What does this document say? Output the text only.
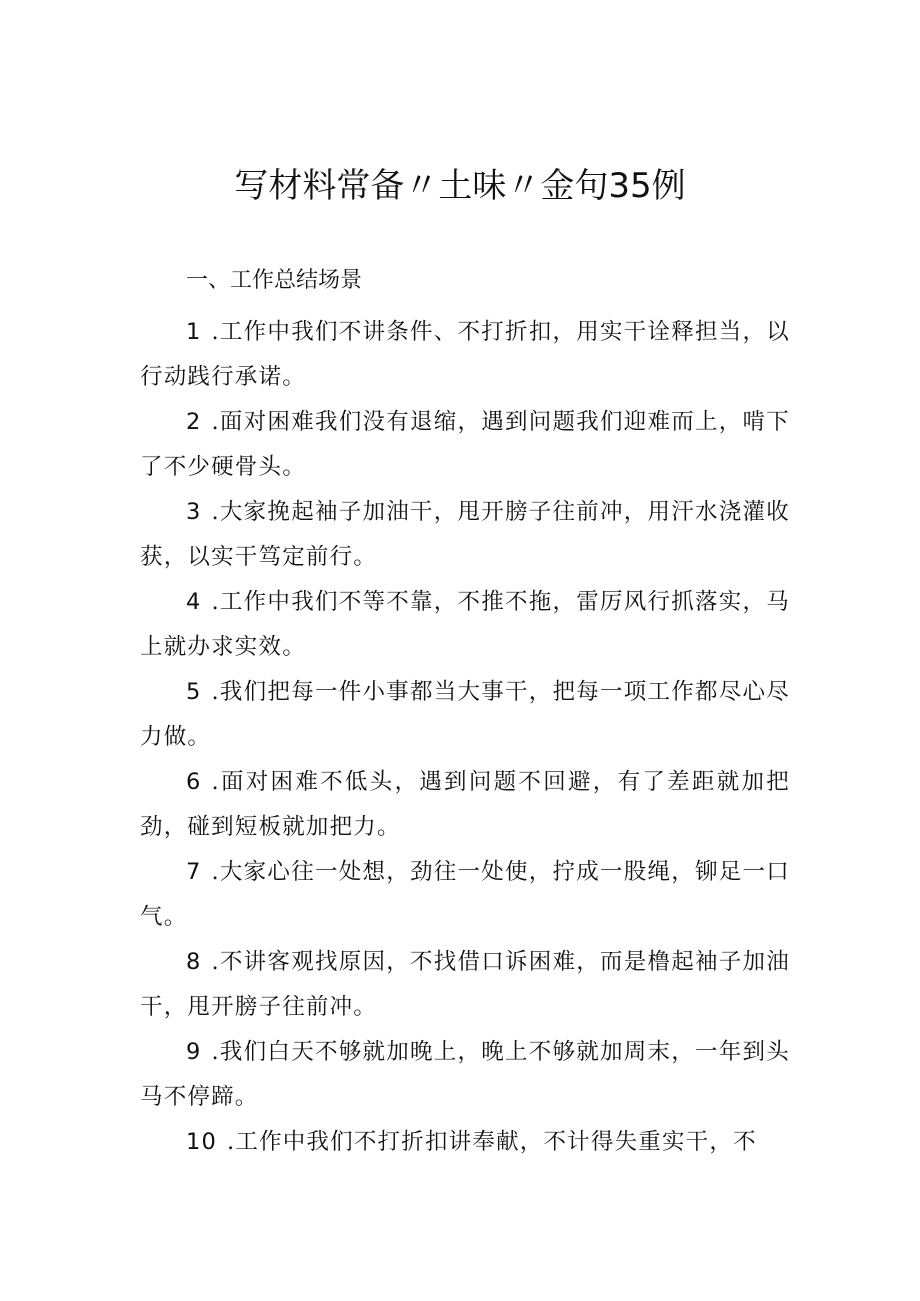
写材料常备〃土味〃金句35例
一、工作总结场景

1 .工作中我们不讲条件、不打折扣，用实干诠释担当，以行动践行承诺。

2 .面对困难我们没有退缩，遇到问题我们迎难而上，啃下了不少硬骨头。

3 .大家挽起袖子加油干，甩开膀子往前冲，用汗水浇灌收获，以实干笃定前行。

4 .工作中我们不等不靠，不推不拖，雷厉风行抓落实，马上就办求实效。

5 .我们把每一件小事都当大事干，把每一项工作都尽心尽力做。

6 .面对困难不低头，遇到问题不回避，有了差距就加把劲，碰到短板就加把力。

7 .大家心往一处想，劲往一处使，拧成一股绳，铆足一口气。

8 .不讲客观找原因，不找借口诉困难，而是橹起袖子加油干，甩开膀子往前冲。

9 .我们白天不够就加晚上，晚上不够就加周末，一年到头马不停蹄。

10 .工作中我们不打折扣讲奉献，不计得失重实干，不
